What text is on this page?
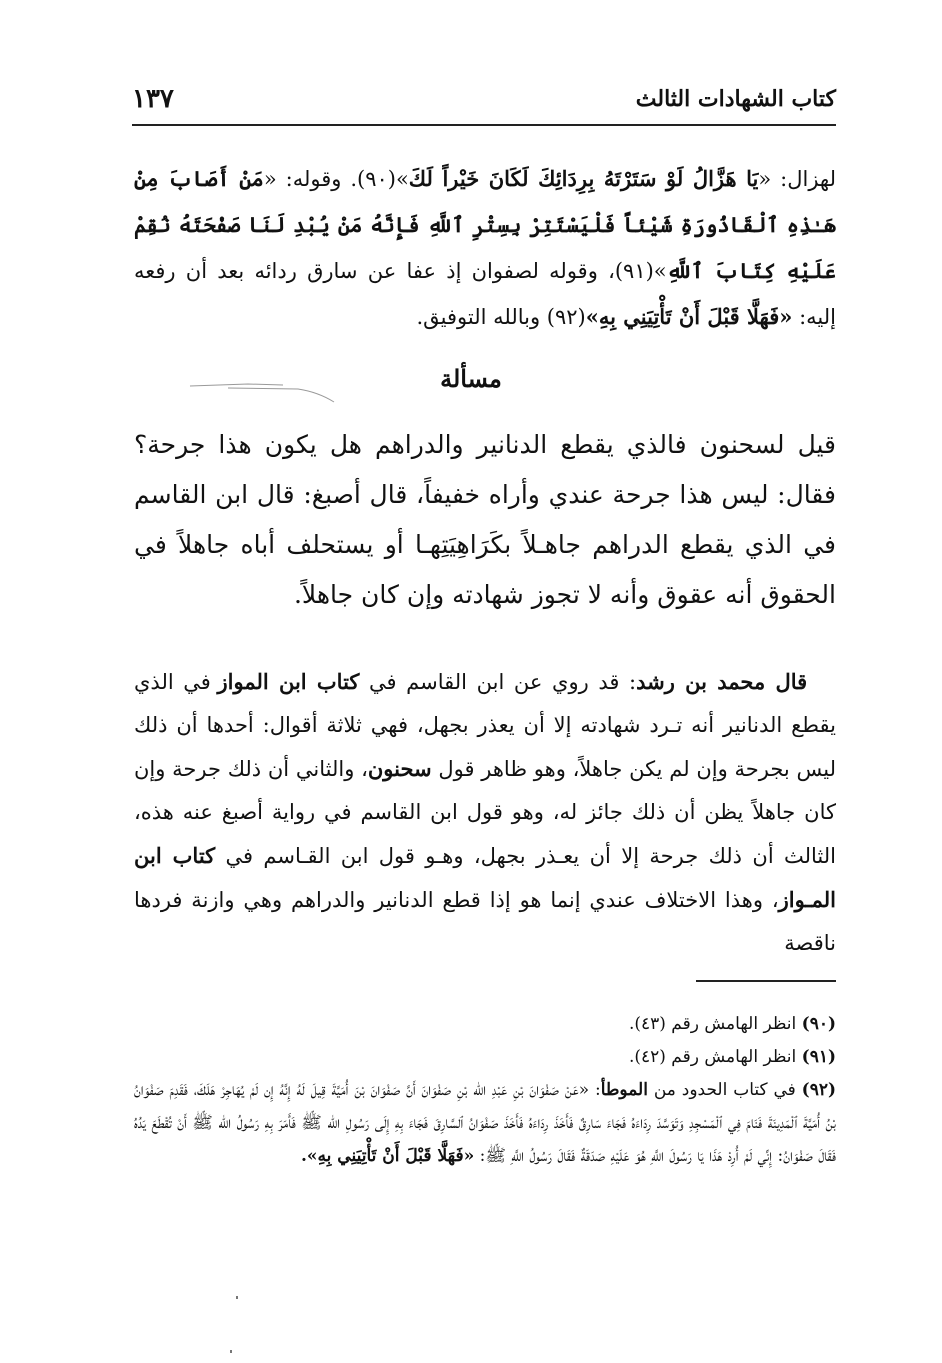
١٣٧	كتاب الشهادات الثالث
لهزال: «يَا هَزَّالُ لَوْ سَتَرْتَهُ بِرِدَائِكَ لَكَانَ خَيْراً لَكَ»(٩٠). وقوله: «مَنْ أَصَابَ مِنْ هَـٰذِهِ ٱلْقَاذُورَةِ شَيْئاً فَلْيَسْتَتِرْ بِسِتْرِ ٱللَّهِ فَإِنَّهُ مَنْ يُبْدِ لَنَا صَفْحَتَهُ نُقِمْ عَلَيْهِ كِتَابَ ٱللَّهِ»(٩١)، وقوله لصفوان إذ عفا عن سارق ردائه بعد أن رفعه إليه: «فَهَلَّا قَبْلَ أَنْ تَأْتِيَنِي بِهِ»(٩٢) وبالله التوفيق.
مسألة
قيل لسحنون فالذي يقطع الدنانير والدراهم هل يكون هذا جرحة؟ فقال: ليس هذا جرحة عندي وأراه خفيفاً، قال أصبغ: قال ابن القاسم في الذي يقطع الدراهم جاهـلاً بكَرَاهِيَتِهـا أو يستحلف أباه جاهلاً في الحقوق أنه عقوق وأنه لا تجوز شهادته وإن كان جاهلاً.
قال محمد بن رشد: قد روي عن ابن القاسم في كتاب ابن المواز في الذي يقطع الدنانير أنه تـرد شهادته إلا أن يعذر بجهل، فهي ثلاثة أقوال: أحدها أن ذلك ليس بجرحة وإن لم يكن جاهلاً، وهو ظاهر قول سحنون، والثاني أن ذلك جرحة وإن كان جاهلاً يظن أن ذلك جائز له، وهو قول ابن القاسم في رواية أصبغ عنه هذه، الثالث أن ذلك جرحة إلا أن يعـذر بجهل، وهـو قول ابن القـاسم في كتاب ابن المـواز، وهذا الاختلاف عندي إنما هو إذا قطع الدنانير والدراهم وهي وازنة فردها ناقصة
(٩٠) انظر الهامش رقم (٤٣).
(٩١) انظر الهامش رقم (٤٢).
(٩٢) في كتاب الحدود من الموطأ: «عَنْ صَفْوَانَ بْنِ عَبْدِ الله بْنِ صَفْوَانَ أَنَّ صَفْوَانَ بْنَ أُمَيَّةَ قِيلَ لَهُ إِنَّهُ إِن لَمْ يُهَاجِرْ هَلَكَ، فَقَدِمَ صَفْوَانُ بْنُ أُمَيَّةَ ٱلْمَدِينَةَ فَنَامَ فِي ٱلْمَسْجِدِ وَتَوَسَّدَ رِدَاءَهُ فَجَاءَ سَارِقٌ فَأَخَذَ رِدَاءَهُ فَأَخَذَ صَفْوَانُ ٱلسَّارِقَ فَجَاءَ بِهِ إِلَى رَسُولِ الله ﷺ فَأَمَرَ بِهِ رَسُولُ الله ﷺ أَنْ تُقْطَعَ يَدُهُ فَقَالَ صَفْوَانُ: إِنِّي لَمْ أُرِدْ هَذَا يَا رَسُولَ اللَّهِ هُوَ عَلَيْهِ صَدَقَةٌ فَقَالَ رَسُولُ اللَّهِ ﷺ: «فَهَلَّا قَبْلَ أَنْ تَأْتِيَنِي بِهِ».
